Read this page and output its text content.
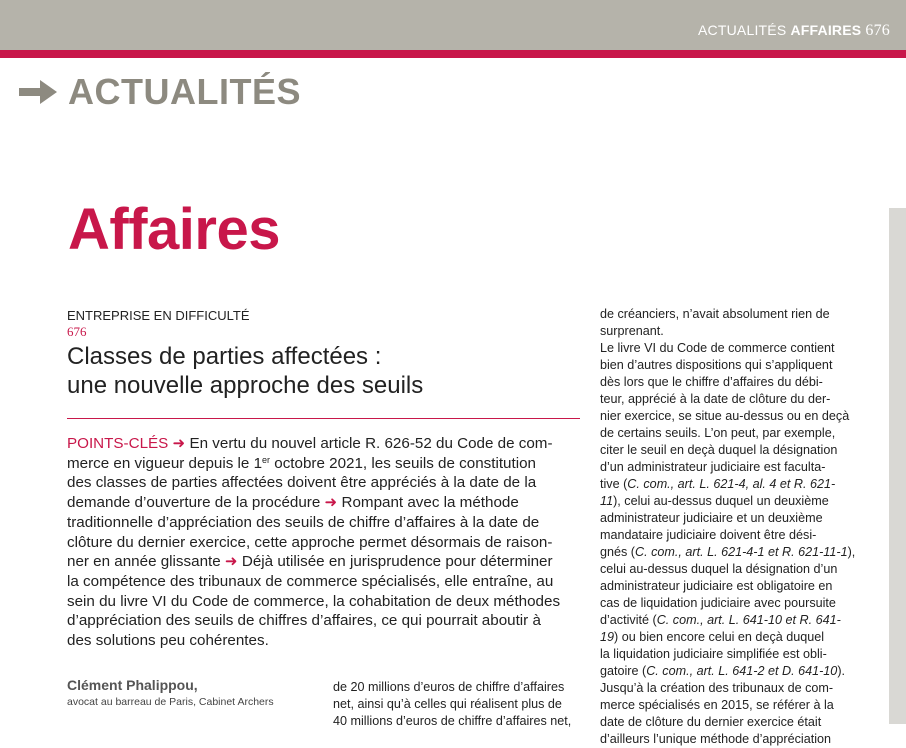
ACTUALITÉS AFFAIRES 676
ACTUALITÉS
Affaires
ENTREPRISE EN DIFFICULTÉ
676
Classes de parties affectées :
une nouvelle approche des seuils
POINTS-CLÉS ➜ En vertu du nouvel article R. 626-52 du Code de com-
merce en vigueur depuis le 1er octobre 2021, les seuils de constitution
des classes de parties affectées doivent être appréciés à la date de la
demande d’ouverture de la procédure ➜ Rompant avec la méthode
traditionnelle d’appréciation des seuils de chiffre d’affaires à la date de
clôture du dernier exercice, cette approche permet désormais de raison-
ner en année glissante ➜ Déjà utilisée en jurisprudence pour déterminer
la compétence des tribunaux de commerce spécialisés, elle entraîne, au
sein du livre VI du Code de commerce, la cohabitation de deux méthodes
d’appréciation des seuils de chiffres d’affaires, ce qui pourrait aboutir à
des solutions peu cohérentes.
Clément Phalippou,
avocat au barreau de Paris, Cabinet Archers
de 20 millions d’euros de chiffre d’affaires
net, ainsi qu’à celles qui réalisent plus de
40 millions d’euros de chiffre d’affaires net,
de créanciers, n’avait absolument rien de
surprenant.
Le livre VI du Code de commerce contient
bien d’autres dispositions qui s’appliquent
dès lors que le chiffre d’affaires du débi-
teur, apprécié à la date de clôture du der-
nier exercice, se situe au-dessus ou en deçà
de certains seuils. L’on peut, par exemple,
citer le seuil en deçà duquel la désignation
d’un administrateur judiciaire est facultа-
tive (C. com., art. L. 621-4, al. 4 et R. 621-
11), celui au-dessus duquel un deuxième
administrateur judiciaire et un deuxième
mandataire judiciaire doivent être dési-
gnés (C. com., art. L. 621-4-1 et R. 621-11-1),
celui au-dessus duquel la désignation d’un
administrateur judiciaire est obligatoire en
cas de liquidation judiciaire avec poursuite
d’activité (C. com., art. L. 641-10 et R. 641-
19) ou bien encore celui en deçà duquel
la liquidation judiciaire simplifiée est obli-
gatoire (C. com., art. L. 641-2 et D. 641-10).
Jusqu’à la création des tribunaux de com-
merce spécialisés en 2015, se référer à la
date de clôture du dernier exercice était
d’ailleurs l’unique méthode d’appréciation
